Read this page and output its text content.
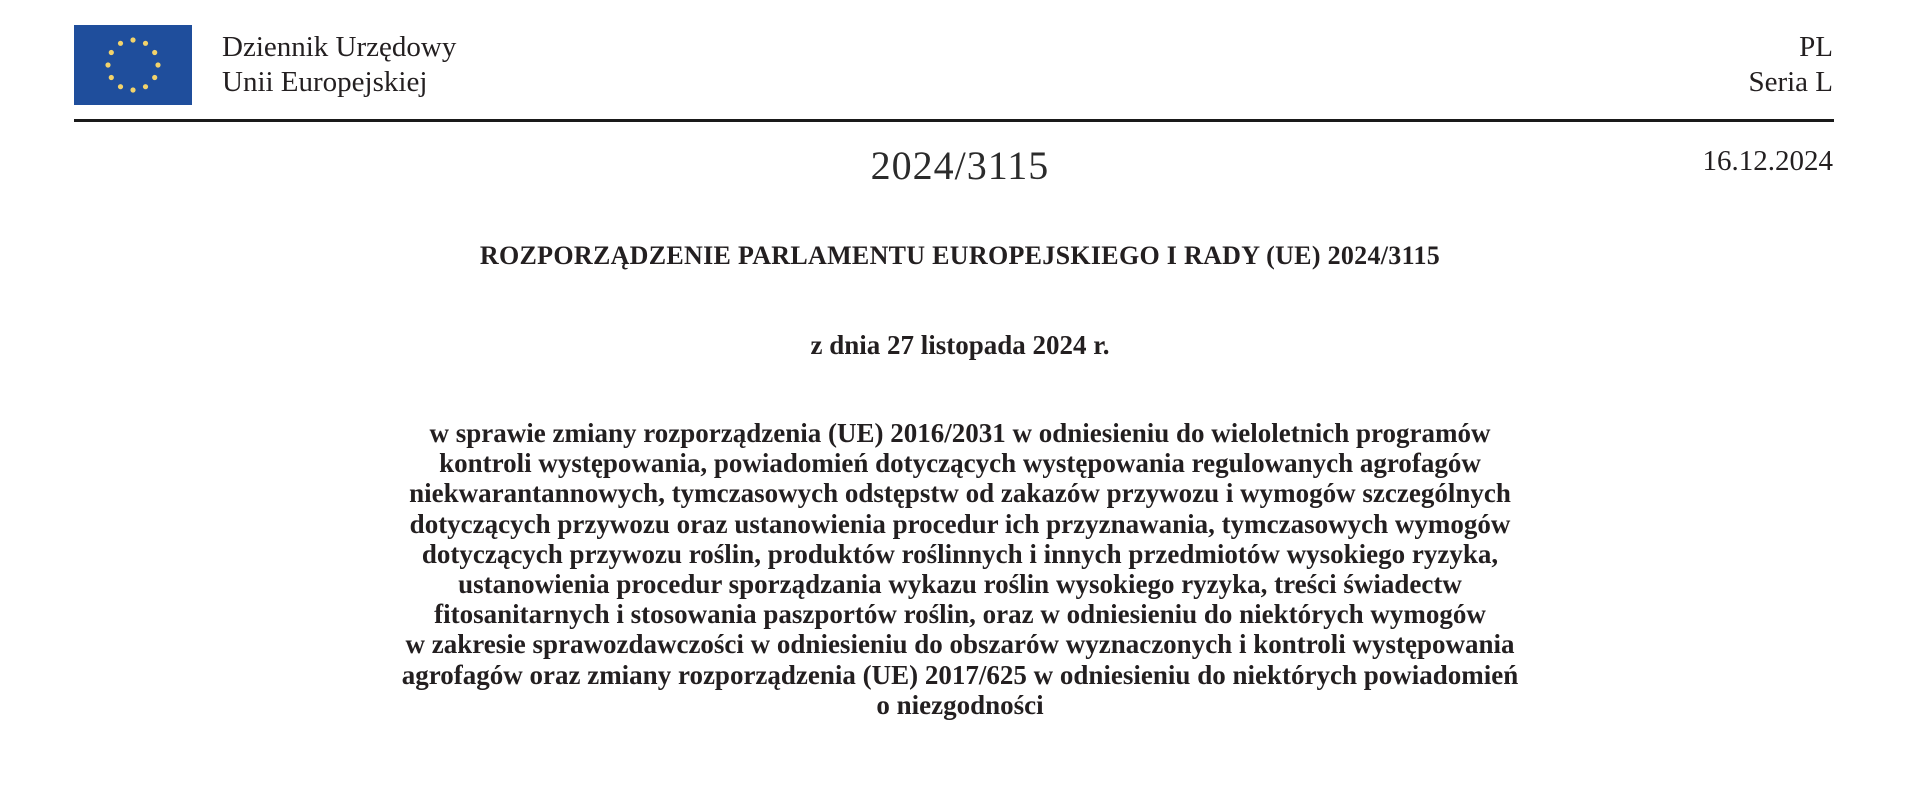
Dziennik Urzędowy
Unii Europejskiej
PL
Seria L
2024/3115	16.12.2024
ROZPORZĄDZENIE PARLAMENTU EUROPEJSKIEGO I RADY (UE) 2024/3115
z dnia 27 listopada 2024 r.
w sprawie zmiany rozporządzenia (UE) 2016/2031 w odniesieniu do wieloletnich programów
kontroli występowania, powiadomień dotyczących występowania regulowanych agrofagów
niekwarantannowych, tymczasowych odstępstw od zakazów przywozu i wymogów szczególnych
dotyczących przywozu oraz ustanowienia procedur ich przyznawania, tymczasowych wymogów
dotyczących przywozu roślin, produktów roślinnych i innych przedmiotów wysokiego ryzyka,
ustanowienia procedur sporządzania wykazu roślin wysokiego ryzyka, treści świadectw
fitosanitarnych i stosowania paszportów roślin, oraz w odniesieniu do niektórych wymogów
w zakresie sprawozdawczości w odniesieniu do obszarów wyznaczonych i kontroli występowania
agrofagów oraz zmiany rozporządzenia (UE) 2017/625 w odniesieniu do niektórych powiadomień
o niezgodności
